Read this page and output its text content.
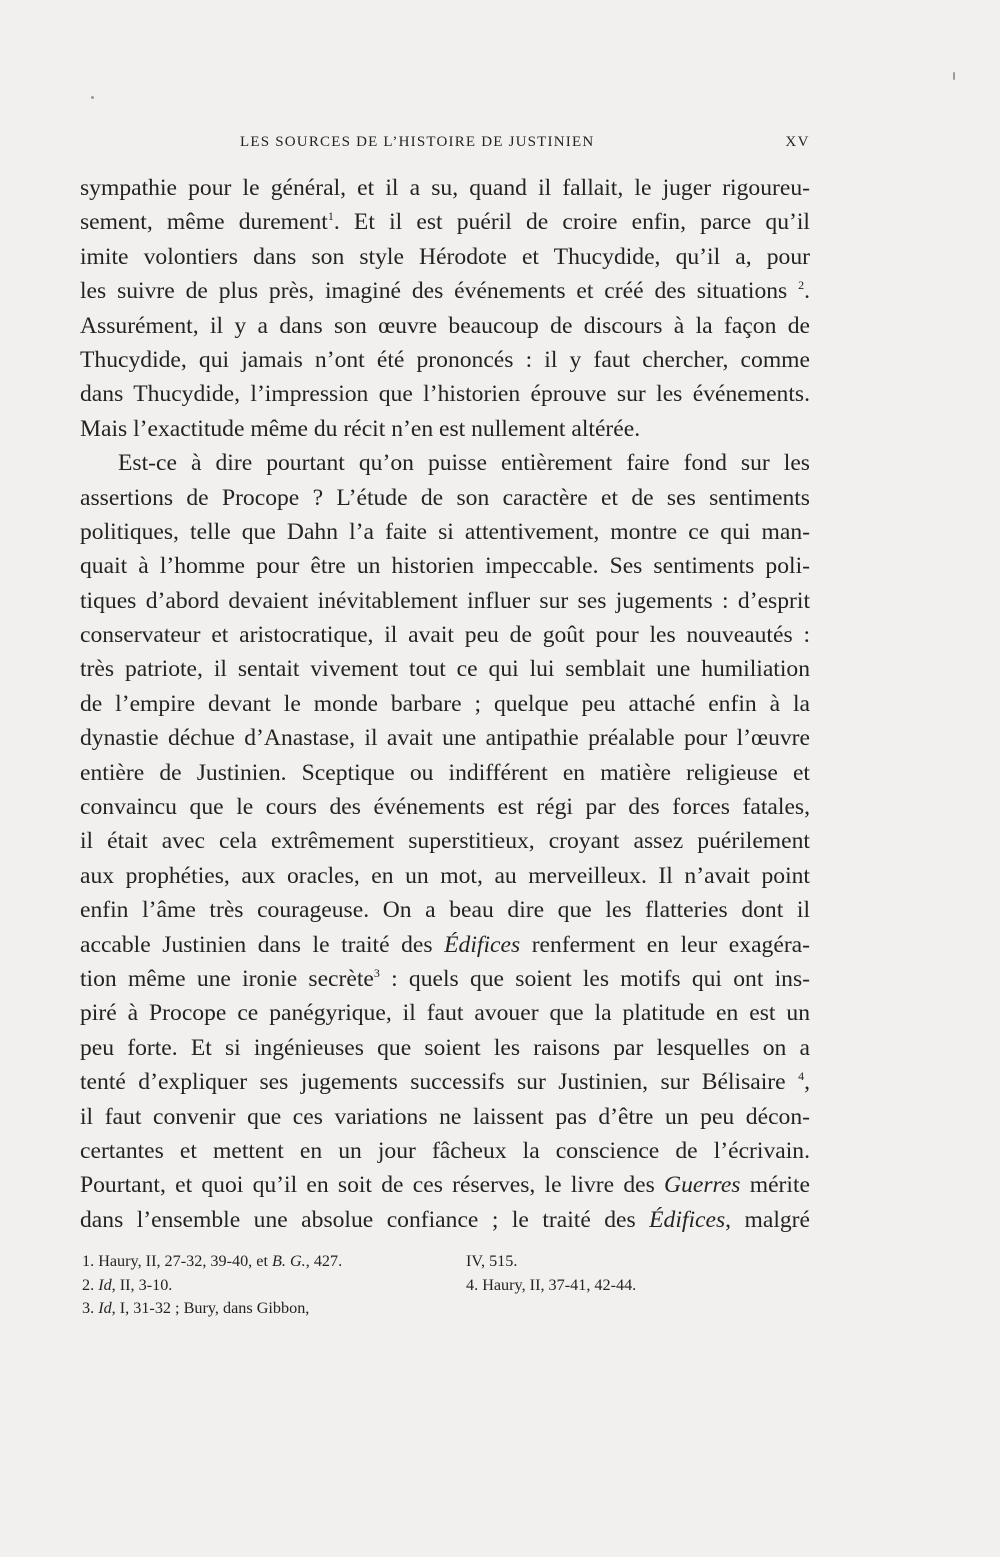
LES SOURCES DE L’HISTOIRE DE JUSTINIEN	XV
sympathie pour le général, et il a su, quand il fallait, le juger rigoureu-
sement, même durement$^1$. Et il est puéril de croire enfin, parce qu’il
imite volontiers dans son style Hérodote et Thucydide, qu’il a, pour
les suivre de plus près, imaginé des événements et créé des situations $^2$.
Assurément, il y a dans son œuvre beaucoup de discours à la façon de
Thucydide, qui jamais n’ont été prononcés : il y faut chercher, comme
dans Thucydide, l’impression que l’historien éprouve sur les événements.
Mais l’exactitude même du récit n’en est nullement altérée.
Est-ce à dire pourtant qu’on puisse entièrement faire fond sur les
assertions de Procope ? L’étude de son caractère et de ses sentiments
politiques, telle que Dahn l’a faite si attentivement, montre ce qui man-
quait à l’homme pour être un historien impeccable. Ses sentiments poli-
tiques d’abord devaient inévitablement influer sur ses jugements : d’esprit
conservateur et aristocratique, il avait peu de goût pour les nouveautés :
très patriote, il sentait vivement tout ce qui lui semblait une humiliation
de l’empire devant le monde barbare ; quelque peu attaché enfin à la
dynastie déchue d’Anastase, il avait une antipathie préalable pour l’œuvre
entière de Justinien. Sceptique ou indifférent en matière religieuse et
convaincu que le cours des événements est régi par des forces fatales,
il était avec cela extrêmement superstitieux, croyant assez puérilement
aux prophéties, aux oracles, en un mot, au merveilleux. Il n’avait point
enfin l’âme très courageuse. On a beau dire que les flatteries dont il
accable Justinien dans le traité des Édifices renferment en leur exagéra-
tion même une ironie secrète$^3$ : quels que soient les motifs qui ont ins-
piré à Procope ce panégyrique, il faut avouer que la platitude en est un
peu forte. Et si ingénieuses que soient les raisons par lesquelles on a
tenté d’expliquer ses jugements successifs sur Justinien, sur Bélisaire $^4$,
il faut convenir que ces variations ne laissent pas d’être un peu décon-
certantes et mettent en un jour fâcheux la conscience de l’écrivain.
Pourtant, et quoi qu’il en soit de ces réserves, le livre des Guerres mérite
dans l’ensemble une absolue confiance ; le traité des Édifices, malgré
1. Haury, II, 27-32, 39-40, et B. G., 427.
2. Id, II, 3-10.
3. Id, I, 31-32 ; Bury, dans Gibbon,
IV, 515.
4. Haury, II, 37-41, 42-44.
